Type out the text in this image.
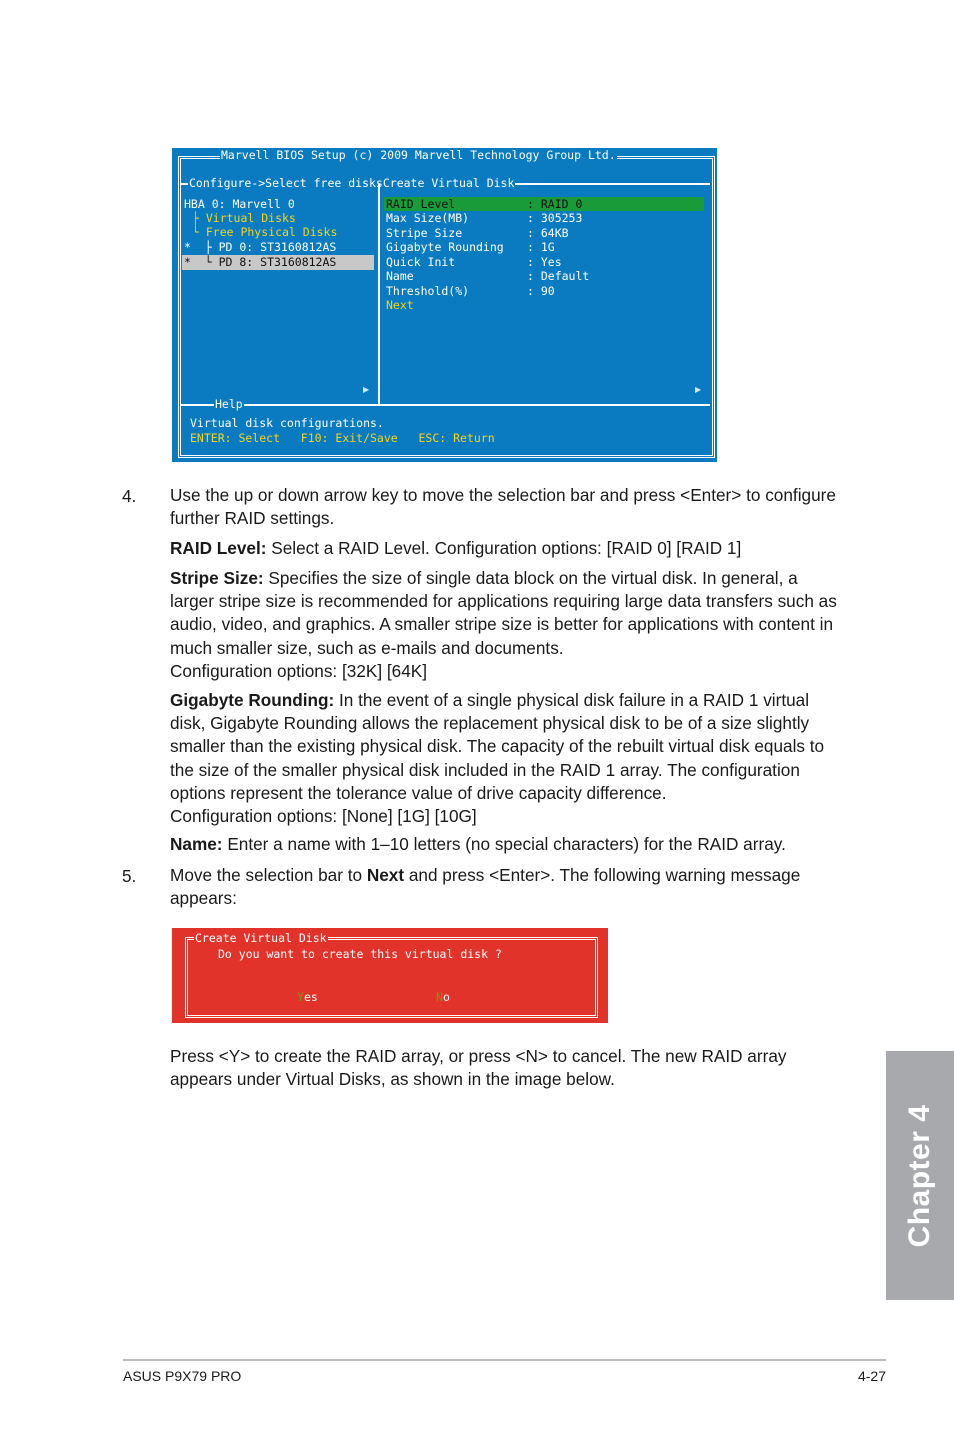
Marvell BIOS Setup (c) 2009 Marvell Technology Group Ltd.
Configure->Select free disksCreate Virtual Disk
HBA 0: Marvell 0
├ Virtual Disks
└ Free Physical Disks
*  ├ PD 0: ST3160812AS
*  └ PD 8: ST3160812AS
RAID Level	: RAID 0
Max Size(MB)	: 305253
Stripe Size	: 64KB
Gigabyte Rounding : 1G
Quick Init	: Yes
Name	: Default
Threshold(%)	: 90
Next
▶	▶
Help
Virtual disk configurations.
ENTER: Select   F10: Exit/Save   ESC: Return
4. Use the up or down arrow key to move the selection bar and press <Enter> to configure further RAID settings.
RAID Level: Select a RAID Level. Configuration options: [RAID 0] [RAID 1]
Stripe Size: Specifies the size of single data block on the virtual disk. In general, a larger stripe size is recommended for applications requiring large data transfers such as audio, video, and graphics. A smaller stripe size is better for applications with content in much smaller size, such as e-mails and documents.
Configuration options: [32K] [64K]
Gigabyte Rounding: In the event of a single physical disk failure in a RAID 1 virtual disk, Gigabyte Rounding allows the replacement physical disk to be of a size slightly smaller than the existing physical disk. The capacity of the rebuilt virtual disk equals to the size of the smaller physical disk included in the RAID 1 array. The configuration options represent the tolerance value of drive capacity difference.
Configuration options: [None] [1G] [10G]
Name: Enter a name with 1–10 letters (no special characters) for the RAID array.
5. Move the selection bar to Next and press <Enter>. The following warning message appears:
Create Virtual Disk
Do you want to create this virtual disk ?
Yes	No
Press <Y> to create the RAID array, or press <N> to cancel. The new RAID array appears under Virtual Disks, as shown in the image below.
Chapter 4
ASUS P9X79 PRO	4-27
